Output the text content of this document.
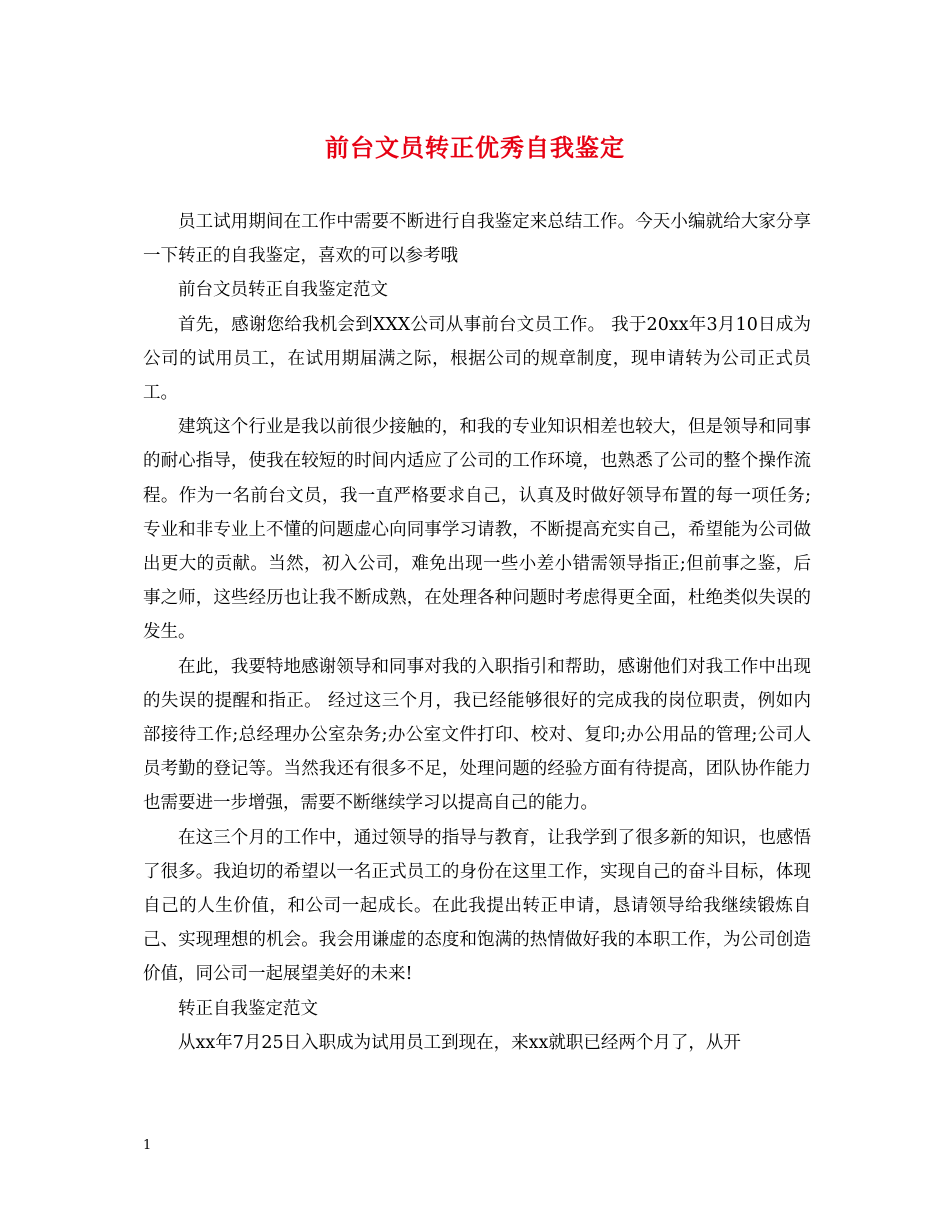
前台文员转正优秀自我鉴定

员工试用期间在工作中需要不断进行自我鉴定来总结工作。今天小编就给大家分享一下转正的自我鉴定，喜欢的可以参考哦

前台文员转正自我鉴定范文

首先，感谢您给我机会到XXX公司从事前台文员工作。 我于20xx年3月10日成为公司的试用员工，在试用期届满之际，根据公司的规章制度，现申请转为公司正式员工。

建筑这个行业是我以前很少接触的，和我的专业知识相差也较大，但是领导和同事的耐心指导，使我在较短的时间内适应了公司的工作环境，也熟悉了公司的整个操作流程。作为一名前台文员，我一直严格要求自己，认真及时做好领导布置的每一项任务;专业和非专业上不懂的问题虚心向同事学习请教，不断提高充实自己，希望能为公司做出更大的贡献。当然，初入公司，难免出现一些小差小错需领导指正;但前事之鉴，后事之师，这些经历也让我不断成熟，在处理各种问题时考虑得更全面，杜绝类似失误的发生。

在此，我要特地感谢领导和同事对我的入职指引和帮助，感谢他们对我工作中出现的失误的提醒和指正。 经过这三个月，我已经能够很好的完成我的岗位职责，例如内部接待工作;总经理办公室杂务;办公室文件打印、校对、复印;办公用品的管理;公司人员考勤的登记等。当然我还有很多不足，处理问题的经验方面有待提高，团队协作能力也需要进一步增强，需要不断继续学习以提高自己的能力。

在这三个月的工作中，通过领导的指导与教育，让我学到了很多新的知识，也感悟了很多。我迫切的希望以一名正式员工的身份在这里工作，实现自己的奋斗目标，体现自己的人生价值，和公司一起成长。在此我提出转正申请，恳请领导给我继续锻炼自己、实现理想的机会。我会用谦虚的态度和饱满的热情做好我的本职工作，为公司创造价值，同公司一起展望美好的未来!

转正自我鉴定范文

从xx年7月25日入职成为试用员工到现在，来xx就职已经两个月了，从开

1
